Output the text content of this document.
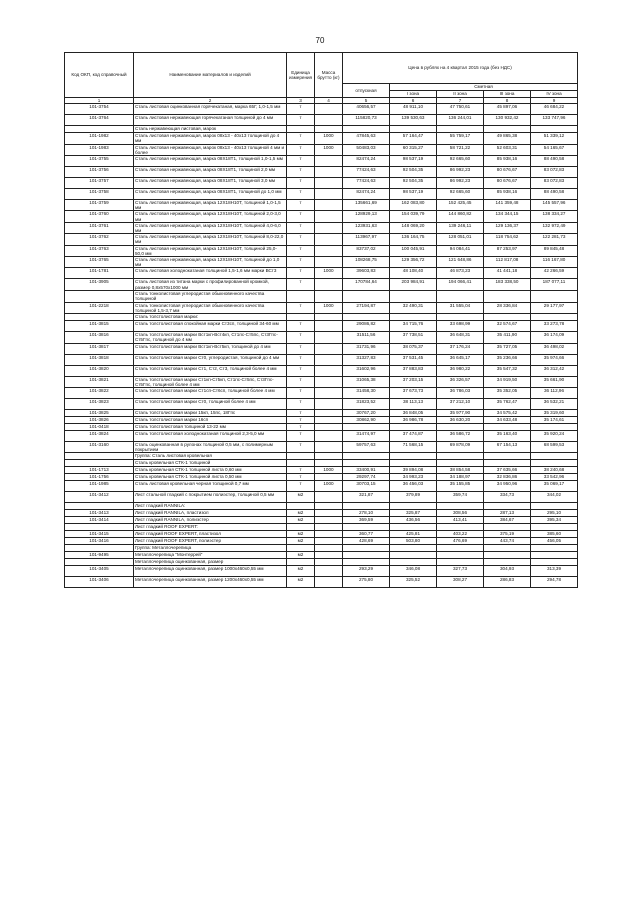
70
Код ОКП, код справочный	Наименование материалов и изделий	Единица измерения	Масса брутто (кг)	Цена в рублях на 4 квартал 2015 года (без НДС)				
				отпускная	Сметная			
					I зона	II зона	III зона	IV зона
1	2	3	4	5	6	7	8	9
101-3754	Сталь листовая оцинкованная горячекатаная, марка 65Г, 1,0-1,5 мм	т		40656,57	48 911,10	47 750,61	45 897,06	46 684,22
101-3764	Сталь листовая нержавеющая горячекатаная толщиной до 4 мм	т		115820,73	139 530,63	136 244,01	130 932,42	133 747,96
	Сталь нержавеющая листовая, марок							
101-1982	Сталь листовая нержавеющая, марок 08х13 - 40х13 толщиной до 4 мм	т	1000	47845,63	57 164,47	55 759,17	49 865,38	51 339,12
101-1983	Сталь листовая нержавеющая, марок 08х13 - 40х13 толщиной 4 мм и более	т	1000	50483,03	60 315,27	58 721,22	52 603,31	54 165,67
101-3755	Сталь листовая нержавеющая, марка 08Х18Т1, толщиной 1,0-1,5 мм	т		82474,24	98 537,19	92 665,60	85 938,16	88 490,58
101-3756	Сталь листовая нержавеющая, марка 08Х18Т1, толщиной 2,0 мм	т		77424,63	92 504,35	86 992,23	80 676,67	83 072,83
101-3757	Сталь листовая нержавеющая, марка 08Х18Т1, толщиной 3,0 мм	т		77424,63	92 504,35	86 992,23	80 676,67	83 072,83
101-3758	Сталь листовая нержавеющая, марка 08Х18Т1, толщиной до 1,0 мм	т		82474,24	98 537,19	92 665,60	85 938,16	88 490,58
101-3759	Сталь листовая нержавеющая, марка 12Х18Н10Т, толщиной 1,0-1,5 мм	т		135661,69	162 083,80	152 425,45	141 359,48	145 557,96
101-3760	Сталь листовая нержавеющая, марка 12Х18Н10Т, толщиной 2,0-3,0 мм	т		128929,13	154 039,79	144 860,82	134 344,15	138 334,27
101-3761	Сталь листовая нержавеющая, марка 12Х18Н10Т, толщиной 4,0-6,0 мм	т		123931,63	148 069,20	139 246,11	129 136,37	132 972,49
101-3762	Сталь листовая нержавеющая, марка 12Х18Н10Т, толщиной 8,0-22,0 мм	т		113967,97	136 164,75	128 051,01	118 754,62	122 281,73
101-3763	Сталь листовая нержавеющая, марка 12Х18Н10Т, толщиной 25,0-50,0 мм	т		83737,02	100 045,91	94 084,41	87 253,97	89 845,48
101-3765	Сталь листовая нержавеющая, марка 12Х18Н10Т, толщиной до 1,0 мм	т		108268,75	129 356,72	121 648,86	112 817,08	116 167,80
101-1781	Сталь листовая холоднокатаная толщиной 1,5-1,6 мм марки ВСт3	т	1000	39603,83	48 108,40	46 873,23	41 441,18	42 266,59
101-3905	Сталь листовая из титана марки с профилированной кромкой, размер 0,8х570х1000 мм	т		170784,64	203 984,91	194 066,41	183 338,50	187 077,11
	Сталь тонколистовая углеродистая обыкновенного качества толщиной							
101-2218	Сталь тонколистовая углеродистая обыкновенного качества толщиной 1,5-3,7 мм	т	1000	27194,87	32 490,31	31 555,04	28 336,84	29 177,97
	Сталь толстолистовая марки:							
101-3815	Сталь толстолистовая спокойная марки Ст3сп, толщиной 34-60 мм	т		29086,82	34 715,76	33 698,99	32 574,67	33 273,78
101-3816	Сталь толстолистовая марки Вст1кп-Вст4кп, Ст1пс-Ст5пс, Ст3Гпс-Ст5Гпс, толщиной до 4 мм	т		31511,56	37 738,51	36 648,31	35 411,90	36 174,09
101-3817	Сталь толстолистовая марки Вст1кп-Вст5кп, толщиной до 4 мм	т		31731,96	38 075,37	37 176,24	35 727,05	36 498,02
101-3818	Сталь толстолистовая марки Ст0, углеродистая, толщиной до 4 мм	т		31327,83	37 531,45	36 645,17	35 236,66	35 974,66
101-3820	Сталь толстолистовая марки Ст1, Ст2, Ст3, толщиной более 4 мм	т		31602,96	37 883,83	36 980,22	35 547,32	36 312,42
101-3821	Сталь толстолистовая марки Ст1кп-Ст5кп, Ст1пс-Ст5пс, Ст3Гпс-Ст5Гпс, толщиной более 4 мм	т		31065,38	37 203,15	36 326,57	34 919,50	35 661,90
101-3822	Сталь толстолистовая марки Ст1сп-Ст6сп, толщиной более 4 мм	т		31458,30	37 673,73	36 786,03	35 352,05	36 112,96
101-3823	Сталь толстолистовая марки Ст0, толщиной более 4 мм	т		31823,52	38 113,13	37 212,10	35 762,47	36 532,21
101-3825	Сталь толстолистовая марки 15кп, 15пс, 18Гпс	т		30767,20	36 848,05	35 977,90	34 575,42	35 319,60
101-3826	Сталь толстолистовая марки 16сп	т		30862,90	36 986,78	36 630,20	34 633,48	35 174,61
101-0418	Сталь толстолистовая толщиной 13-22 мм	т						
101-3824	Сталь толстолистовая холоднокатаная толщиной 2,3-5,0 мм	т		31474,97	37 474,87	36 586,72	35 163,40	35 920,24
101-3160	Сталь оцинкованная в рулонах толщиной 0,5 мм, с полимерным покрытием	т		59757,63	71 568,15	69 878,09	67 154,13	68 599,53
	Группа: Сталь листовая кровельная							
	Сталь кровельная СТК-1 толщиной							
101-1713	Сталь кровельная СТК-1 толщиной листа 0,60 мм	т	1000	33400,91	39 894,08	38 854,58	37 635,66	38 240,68
101-1756	Сталь кровельная СТК-1 толщиной листа 0,50 мм	т		29297,74	34 993,23	34 188,97	32 836,86	33 542,96
101-1985	Сталь листовая кровельная черная толщиной 0,7 мм	т	1000	30703,15	36 456,03	35 155,85	34 950,96	35 069,17
101-3412	Лист стальной гладкий с покрытием полиэстер, толщиной 0,5 мм	м2		321,87	379,89	359,74	334,73	344,02
	Лист гладкий RANNILA:							
101-3413	Лист гладкий RANNILA, пластизол	м2		278,10	325,87	308,56	287,13	295,10
101-3414	Лист гладкий RANNILA, полиэстер	м2		369,59	436,56	413,41	384,67	395,34
	Лист гладкий ROOF EXPERT:							
101-3415	Лист гладкий ROOF EXPERT, пластизол	м2		360,77	425,81	403,22	375,19	385,60
101-3416	Лист гладкий ROOF EXPERT, полиэстер	м2		428,69	503,80	476,69	443,74	456,05
	Группа: Металлочерепица							
101-9495	Металлочерепица "Монтеррей"	м2						
	Металлочерепица оцинкованная, размер							
101-3405	Металлочерепица оцинкованная, размер 1000х460х0,55 мм	м2		293,29	346,08	327,73	304,93	313,39
101-3406	Металлочерепица оцинкованная, размер 1200х460х0,55 мм	м2		275,80	325,52	308,27	286,83	294,78
